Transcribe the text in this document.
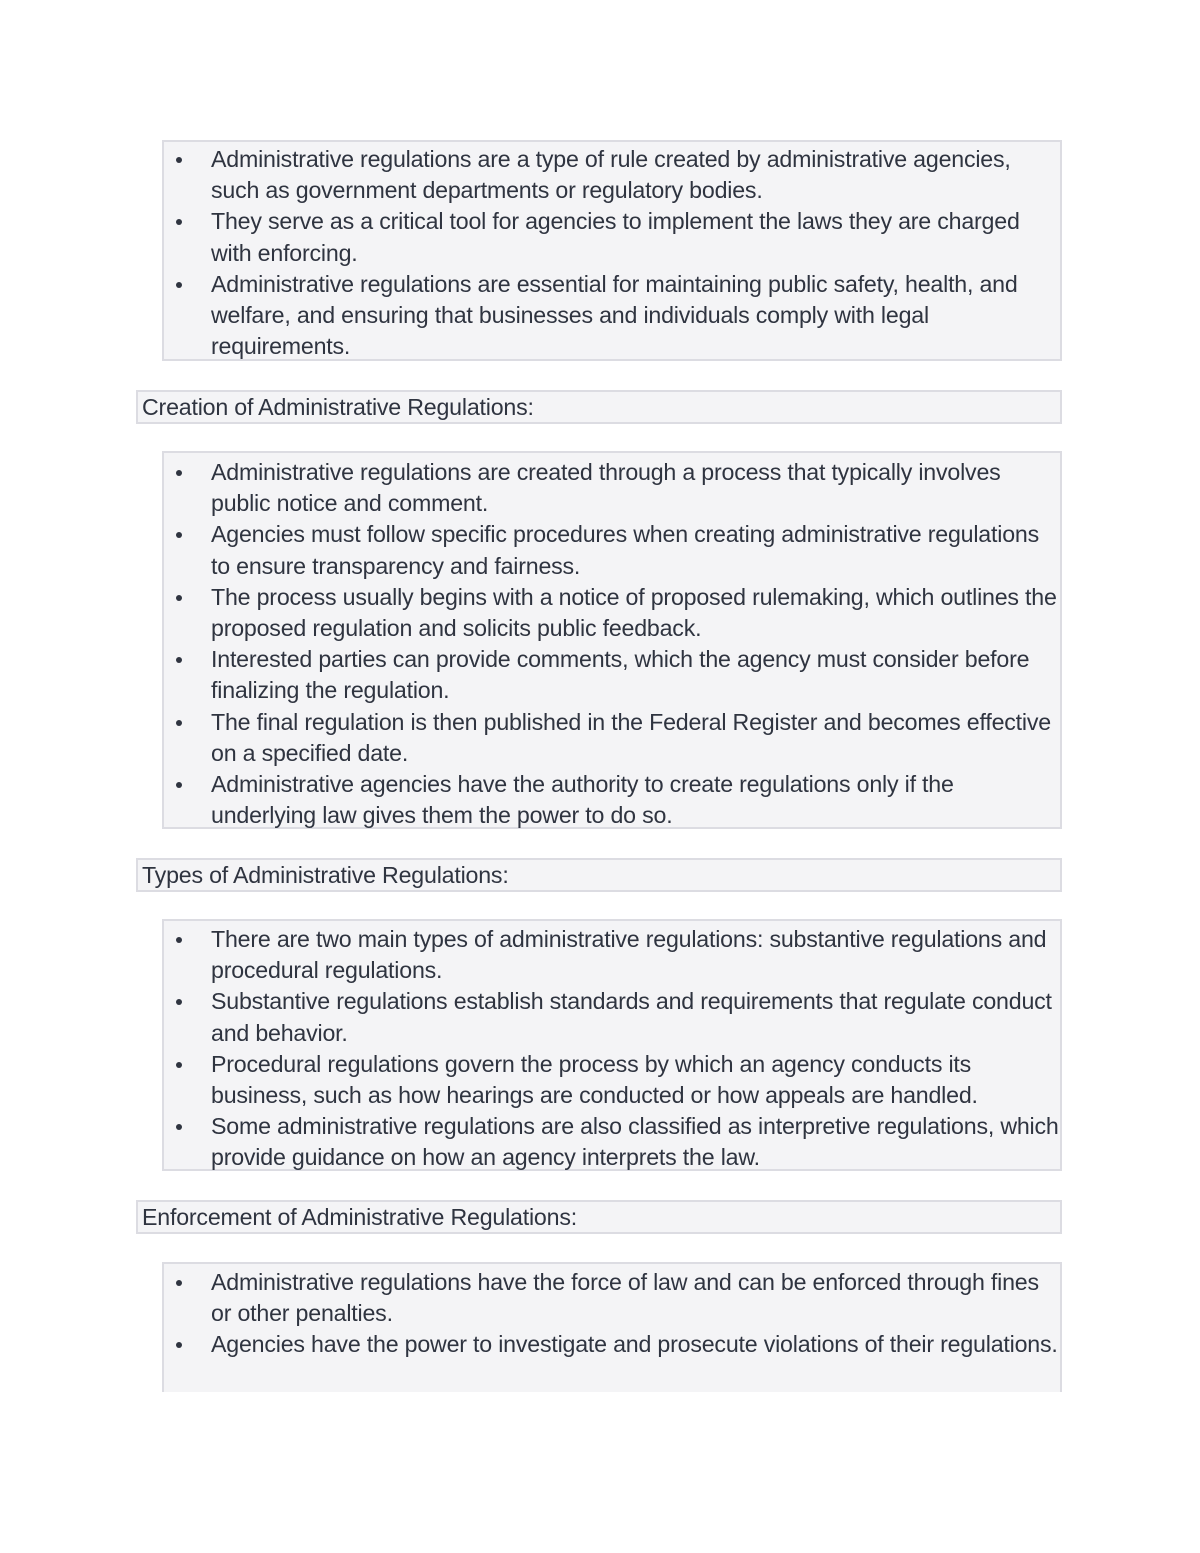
Administrative regulations are a type of rule created by administrative agencies, such as government departments or regulatory bodies.
They serve as a critical tool for agencies to implement the laws they are charged with enforcing.
Administrative regulations are essential for maintaining public safety, health, and welfare, and ensuring that businesses and individuals comply with legal requirements.
Creation of Administrative Regulations:
Administrative regulations are created through a process that typically involves public notice and comment.
Agencies must follow specific procedures when creating administrative regulations to ensure transparency and fairness.
The process usually begins with a notice of proposed rulemaking, which outlines the proposed regulation and solicits public feedback.
Interested parties can provide comments, which the agency must consider before finalizing the regulation.
The final regulation is then published in the Federal Register and becomes effective on a specified date.
Administrative agencies have the authority to create regulations only if the underlying law gives them the power to do so.
Types of Administrative Regulations:
There are two main types of administrative regulations: substantive regulations and procedural regulations.
Substantive regulations establish standards and requirements that regulate conduct and behavior.
Procedural regulations govern the process by which an agency conducts its business, such as how hearings are conducted or how appeals are handled.
Some administrative regulations are also classified as interpretive regulations, which provide guidance on how an agency interprets the law.
Enforcement of Administrative Regulations:
Administrative regulations have the force of law and can be enforced through fines or other penalties.
Agencies have the power to investigate and prosecute violations of their regulations.
